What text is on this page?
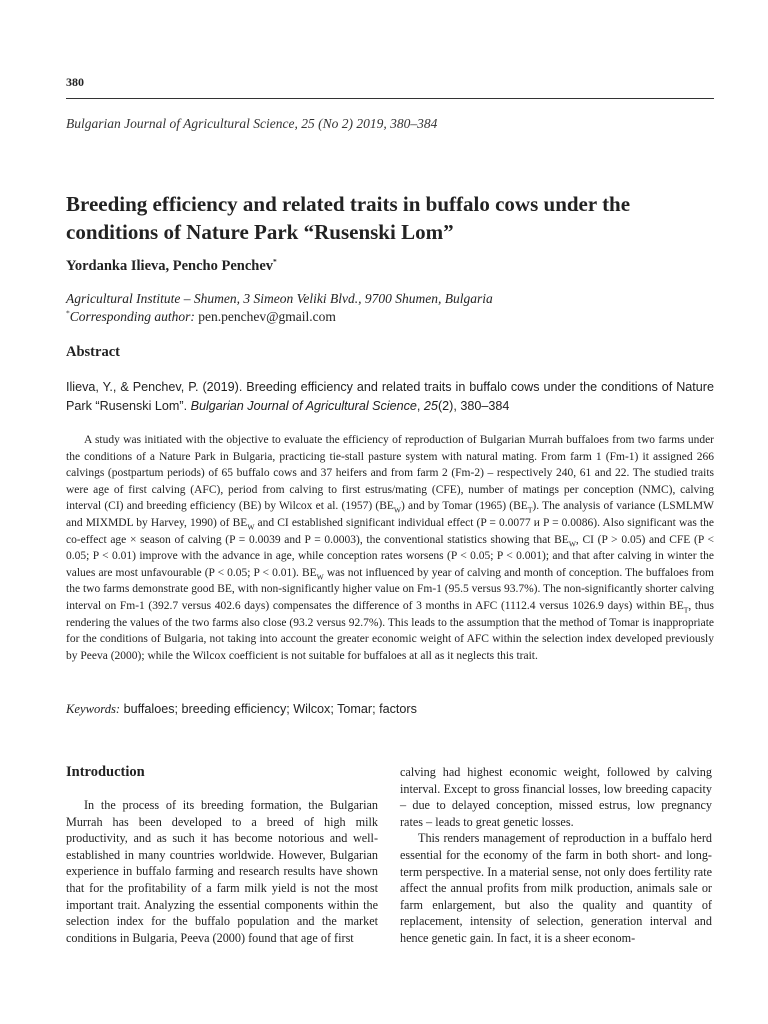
380
Bulgarian Journal of Agricultural Science, 25 (No 2) 2019, 380–384
Breeding efficiency and related traits in buffalo cows under the conditions of Nature Park “Rusenski Lom”
Yordanka Ilieva, Pencho Penchev*
Agricultural Institute – Shumen, 3 Simeon Veliki Blvd., 9700 Shumen, Bulgaria
*Corresponding author: pen.penchev@gmail.com
Abstract

Ilieva, Y., & Penchev, P. (2019). Breeding efficiency and related traits in buffalo cows under the conditions of Nature Park “Rusenski Lom”. Bulgarian Journal of Agricultural Science, 25(2), 380–384

A study was initiated with the objective to evaluate the efficiency of reproduction of Bulgarian Murrah buffaloes from two farms under the conditions of a Nature Park in Bulgaria, practicing tie-stall pasture system with natural mating. From farm 1 (Fm-1) it assigned 266 calvings (postpartum periods) of 65 buffalo cows and 37 heifers and from farm 2 (Fm-2) – respectively 240, 61 and 22. The studied traits were age of first calving (AFC), period from calving to first estrus/mating (CFE), number of matings per conception (NMC), calving interval (CI) and breeding efficiency (BE) by Wilcox et al. (1957) $(BE_W)$ and by Tomar (1965) $(BE_T)$. The analysis of variance (LSMLMW and MIXMDL by Harvey, 1990) of $BE_W$ and CI established significant individual effect (P = 0.0077 и P = 0.0086). Also significant was the co-effect age × season of calving (P = 0.0039 and P = 0.0003), the conventional statistics showing that $BE_W$, CI (P > 0.05) and CFE (P < 0.05; P < 0.01) improve with the advance in age, while conception rates worsens (P < 0.05; P < 0.001); and that after calving in winter the values are most unfavourable (P < 0.05; P < 0.01). $BE_W$ was not influenced by year of calving and month of conception. The buffaloes from the two farms demonstrate good BE, with non-significantly higher value on Fm-1 (95.5 versus 93.7%). The non-significantly shorter calving interval on Fm-1 (392.7 versus 402.6 days) compensates the difference of 3 months in AFC (1112.4 versus 1026.9 days) within $BE_T$, thus rendering the values of the two farms also close (93.2 versus 92.7%). This leads to the assumption that the method of Tomar is inappropriate for the conditions of Bulgaria, not taking into account the greater economic weight of AFC within the selection index developed previously by Peeva (2000); while the Wilcox coefficient is not suitable for buffaloes at all as it neglects this trait.

Keywords: buffaloes; breeding efficiency; Wilcox; Tomar; factors
Introduction

In the process of its breeding formation, the Bulgarian Murrah has been developed to a breed of high milk productivity, and as such it has become notorious and well-established in many countries worldwide. However, Bulgarian experience in buffalo farming and research results have shown that for the profitability of a farm milk yield is not the most important trait. Analyzing the essential components within the selection index for the buffalo population and the market conditions in Bulgaria, Peeva (2000) found that age of first

calving had highest economic weight, followed by calving interval. Except to gross financial losses, low breeding capacity – due to delayed conception, missed estrus, low pregnancy rates – leads to great genetic losses.

This renders management of reproduction in a buffalo herd essential for the economy of the farm in both short- and long-term perspective. In a material sense, not only does fertility rate affect the annual profits from milk production, animals sale or farm enlargement, but also the quality and quantity of replacement, intensity of selection, generation interval and hence genetic gain. In fact, it is a sheer econom-
